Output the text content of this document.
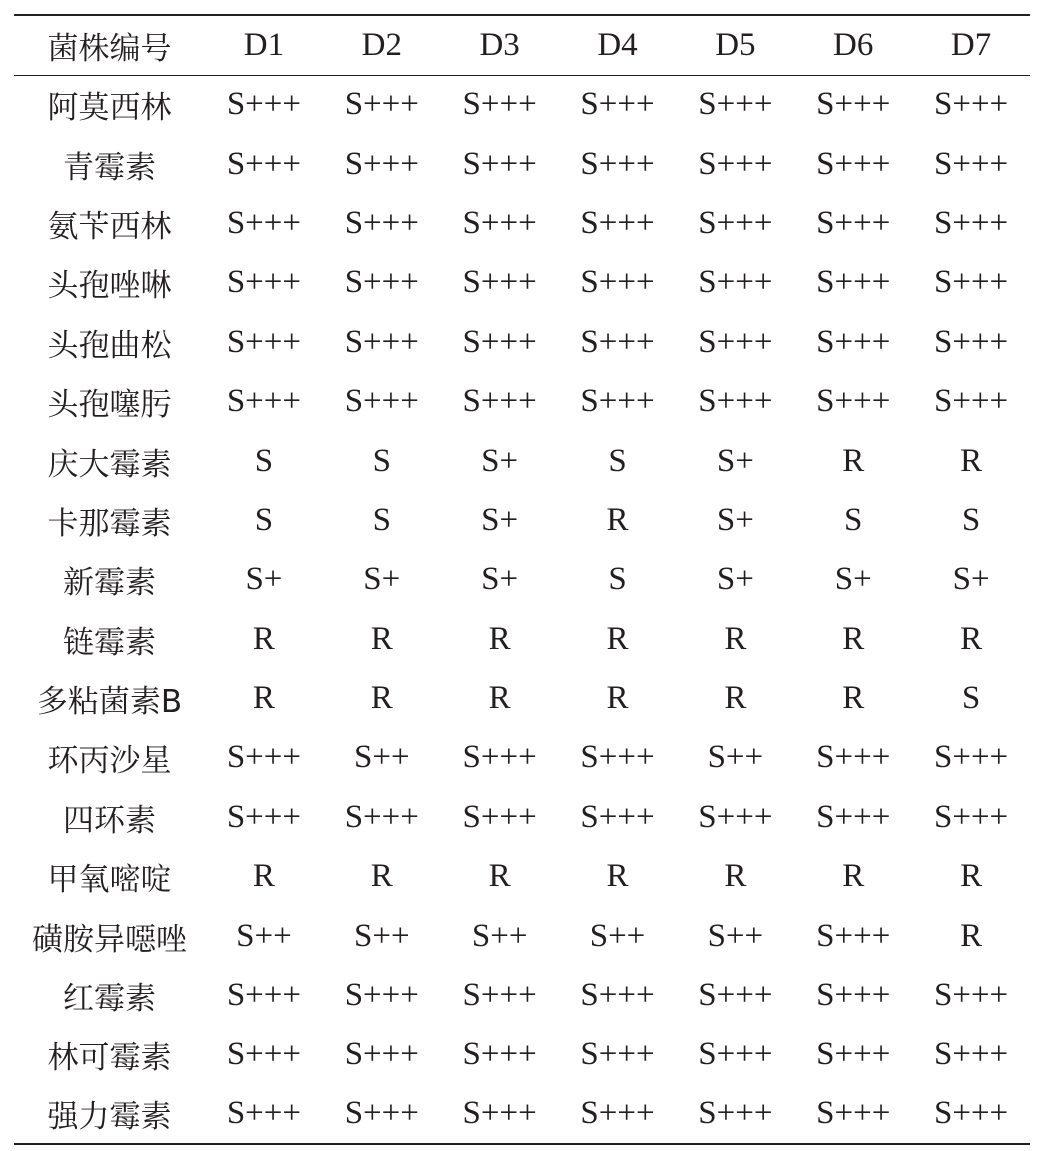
菌株编号	D1	D2	D3	D4	D5	D6	D7
阿莫西林	S+++	S+++	S+++	S+++	S+++	S+++	S+++
青霉素	S+++	S+++	S+++	S+++	S+++	S+++	S+++
氨苄西林	S+++	S+++	S+++	S+++	S+++	S+++	S+++
头孢唑啉	S+++	S+++	S+++	S+++	S+++	S+++	S+++
头孢曲松	S+++	S+++	S+++	S+++	S+++	S+++	S+++
头孢噻肟	S+++	S+++	S+++	S+++	S+++	S+++	S+++
庆大霉素	S	S	S+	S	S+	R	R
卡那霉素	S	S	S+	R	S+	S	S
新霉素	S+	S+	S+	S	S+	S+	S+
链霉素	R	R	R	R	R	R	R
多粘菌素B	R	R	R	R	R	R	S
环丙沙星	S+++	S++	S+++	S+++	S++	S+++	S+++
四环素	S+++	S+++	S+++	S+++	S+++	S+++	S+++
甲氧嘧啶	R	R	R	R	R	R	R
磺胺异噁唑	S++	S++	S++	S++	S++	S+++	R
红霉素	S+++	S+++	S+++	S+++	S+++	S+++	S+++
林可霉素	S+++	S+++	S+++	S+++	S+++	S+++	S+++
强力霉素	S+++	S+++	S+++	S+++	S+++	S+++	S+++
